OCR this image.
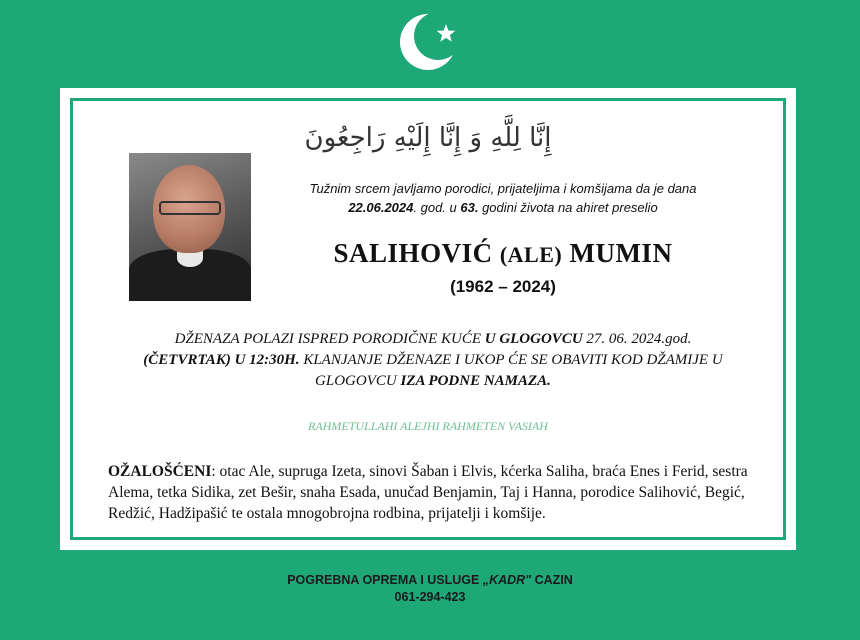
إِنَّا لِلَّهِ وَ إِنَّا إِلَيْهِ رَاجِعُونَ
Tužnim srcem javljamo porodici, prijateljima i komšijama da je dana
22.06.2024. god. u 63. godini života na ahiret preselio
SALIHOVIĆ (ALE) MUMIN
(1962 – 2024)
DŽENAZA POLAZI ISPRED PORODIČNE KUĆE U GLOGOVCU 27. 06. 2024.god.
(ČETVRTAK) U 12:30H. KLANJANJE DŽENAZE I UKOP ĆE SE OBAVITI KOD DŽAMIJE U GLOGOVCU IZA PODNE NAMAZA.
RAHMETULLAHI ALEJHI RAHMETEN VASIAH
OŽALOŠĆENI: otac Ale, supruga Izeta, sinovi Šaban i Elvis, kćerka Saliha, braća Enes i Ferid, sestra Alema, tetka Sidika, zet Bešir, snaha Esada, unučad Benjamin, Taj i Hanna, porodice Salihović, Begić, Redžić, Hadžipašić te ostala mnogobrojna rodbina, prijatelji i komšije.
POGREBNA OPREMA I USLUGE „KADR" CAZIN
061-294-423
